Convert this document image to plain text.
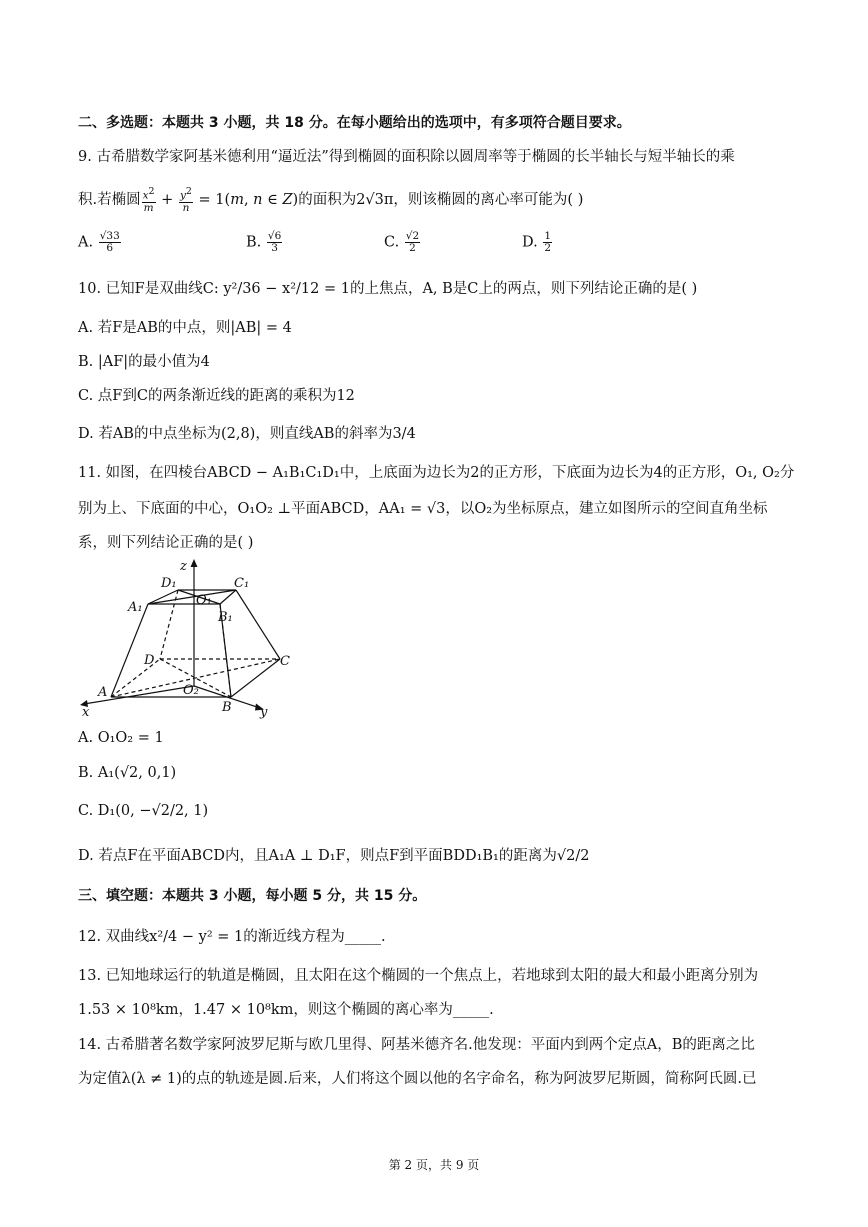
二、多选题：本题共 3 小题，共 18 分。在每小题给出的选项中，有多项符合题目要求。
9. 古希腊数学家阿基米德利用“逼近法”得到椭圆的面积除以圆周率等于椭圆的长半轴长与短半轴长的乘
积.若椭圆 $\frac{x^2}{m} + \frac{y^2}{n} = 1(m$, n ∈ Z)的面积为2√3π，则该椭圆的离心率可能为( )
A. $\frac{√33}{6}$	B. $\frac{√6}{3}$	C. $\frac{√2}{2}$	D. $\frac{1}{2}$
10. 已知F是双曲线C: y²/36 − x²/12 = 1的上焦点，A, B是C上的两点，则下列结论正确的是( )
A. 若F是AB的中点，则|AB| = 4
B. |AF|的最小值为4
C. 点F到C的两条渐近线的距离的乘积为12
D. 若AB的中点坐标为(2,8)，则直线AB的斜率为3/4
11. 如图，在四棱台ABCD − A₁B₁C₁D₁中，上底面为边长为2的正方形，下底面为边长为4的正方形，O₁, O₂分
别为上、下底面的中心，O₁O₂ ⊥平面ABCD，AA₁ = √3，以O₂为坐标原点，建立如图所示的空间直角坐标
系，则下列结论正确的是( )
z
D₁	C₁
A₁	O₁
B₁
D	C
A	O₂
B
x	y
A. O₁O₂ = 1
B. A₁(√2, 0,1)
C. D₁(0, −√2/2, 1)
D. 若点F在平面ABCD内，且A₁A ⊥ D₁F，则点F到平面BDD₁B₁的距离为√2/2
三、填空题：本题共 3 小题，每小题 5 分，共 15 分。
12. 双曲线x²/4 − y² = 1的渐近线方程为_____.
13. 已知地球运行的轨道是椭圆，且太阳在这个椭圆的一个焦点上，若地球到太阳的最大和最小距离分别为
1.53 × 10⁸km，1.47 × 10⁸km，则这个椭圆的离心率为_____.
14. 古希腊著名数学家阿波罗尼斯与欧几里得、阿基米德齐名.他发现：平面内到两个定点A，B的距离之比
为定值λ(λ ≠ 1)的点的轨迹是圆.后来，人们将这个圆以他的名字命名，称为阿波罗尼斯圆，简称阿氏圆.已
第 2 页，共 9 页
